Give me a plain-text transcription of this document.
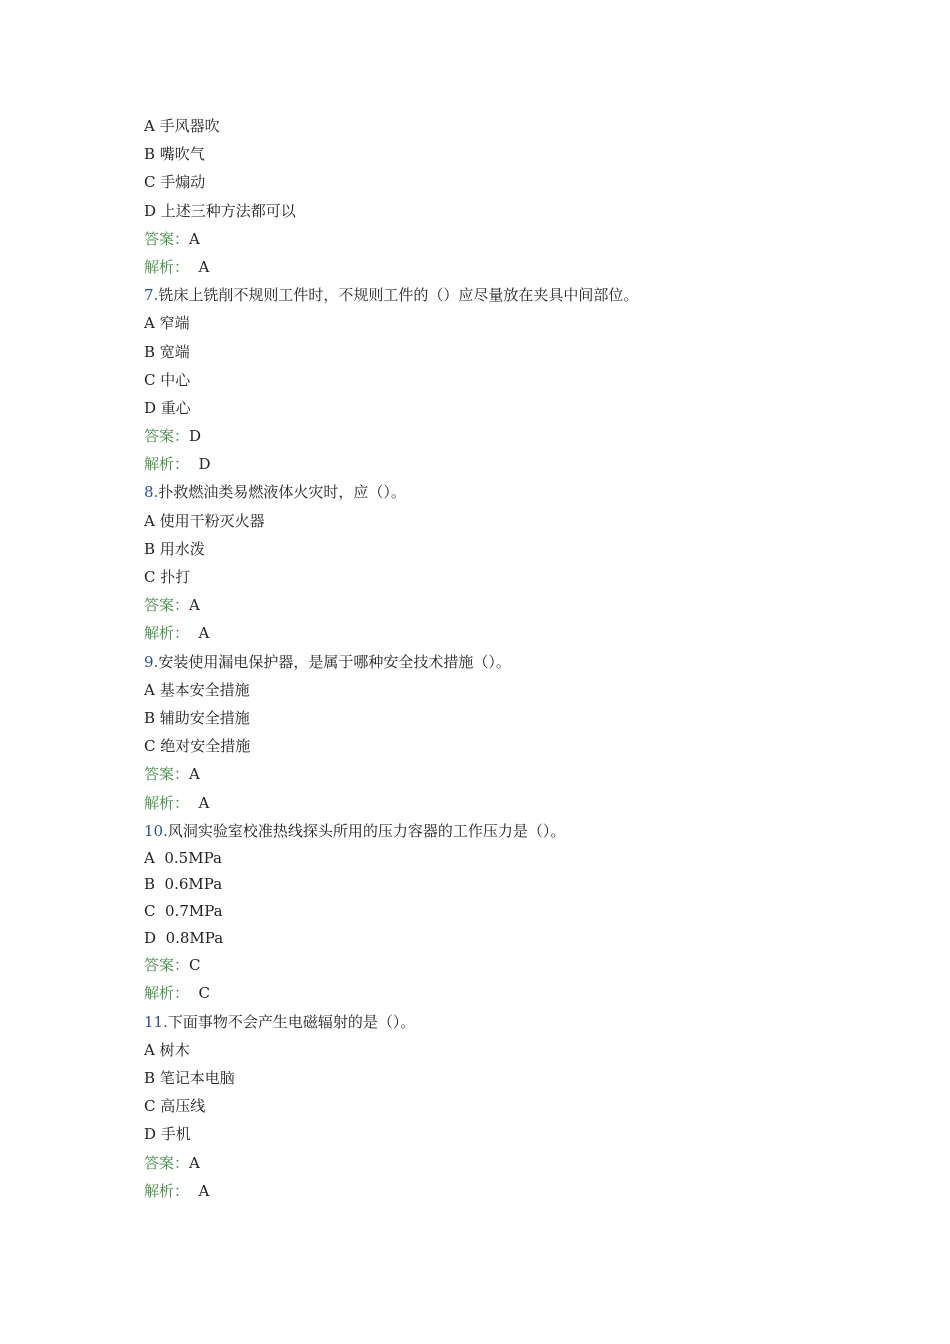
A 手风器吹
B 嘴吹气
C 手煽动
D 上述三种方法都可以
答案：A
解析：  A
7.铣床上铣削不规则工件时，不规则工件的（）应尽量放在夹具中间部位。
A 窄端
B 宽端
C 中心
D 重心
答案：D
解析：  D
8.扑救燃油类易燃液体火灾时，应（）。
A 使用干粉灭火器
B 用水泼
C 扑打
答案：A
解析：  A
9.安装使用漏电保护器，是属于哪种安全技术措施（）。
A 基本安全措施
B 辅助安全措施
C 绝对安全措施
答案：A
解析：  A
10.风洞实验室校准热线探头所用的压力容器的工作压力是（）。
A  0.5MPa
B  0.6MPa
C  0.7MPa
D  0.8MPa
答案：C
解析：  C
11.下面事物不会产生电磁辐射的是（）。
A 树木
B 笔记本电脑
C 高压线
D 手机
答案：A
解析：  A
